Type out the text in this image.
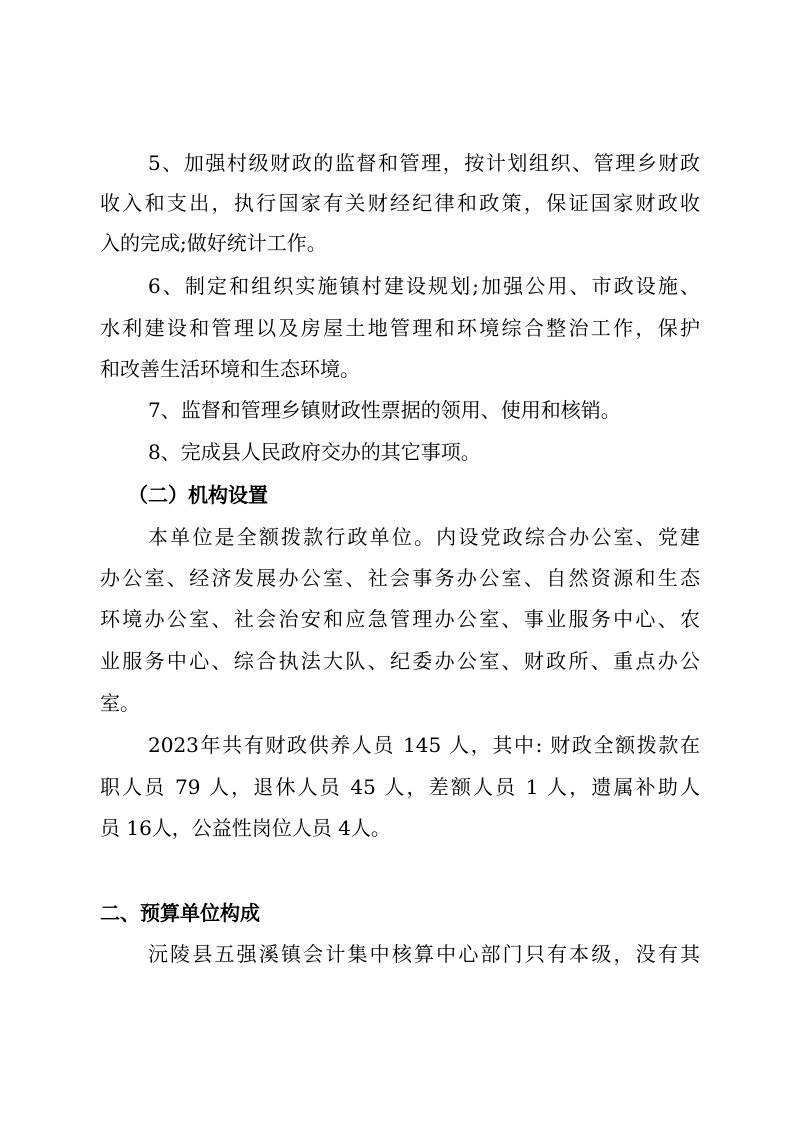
5、加强村级财政的监督和管理，按计划组织、管理乡财政
收入和支出，执行国家有关财经纪律和政策，保证国家财政收
入的完成;做好统计工作。
6、制定和组织实施镇村建设规划;加强公用、市政设施、
水利建设和管理以及房屋土地管理和环境综合整治工作，保护
和改善生活环境和生态环境。
7、监督和管理乡镇财政性票据的领用、使用和核销。
8、完成县人民政府交办的其它事项。
（二）机构设置
本单位是全额拨款行政单位。内设党政综合办公室、党建
办公室、经济发展办公室、社会事务办公室、自然资源和生态
环境办公室、社会治安和应急管理办公室、事业服务中心、农
业服务中心、综合执法大队、纪委办公室、财政所、重点办公
室。
2023年共有财政供养人员 145 人，其中: 财政全额拨款在
职人员 79 人，退休人员 45 人，差额人员 1 人，遗属补助人
员 16人，公益性岗位人员 4人。
二、预算单位构成
沅陵县五强溪镇会计集中核算中心部门只有本级，没有其
